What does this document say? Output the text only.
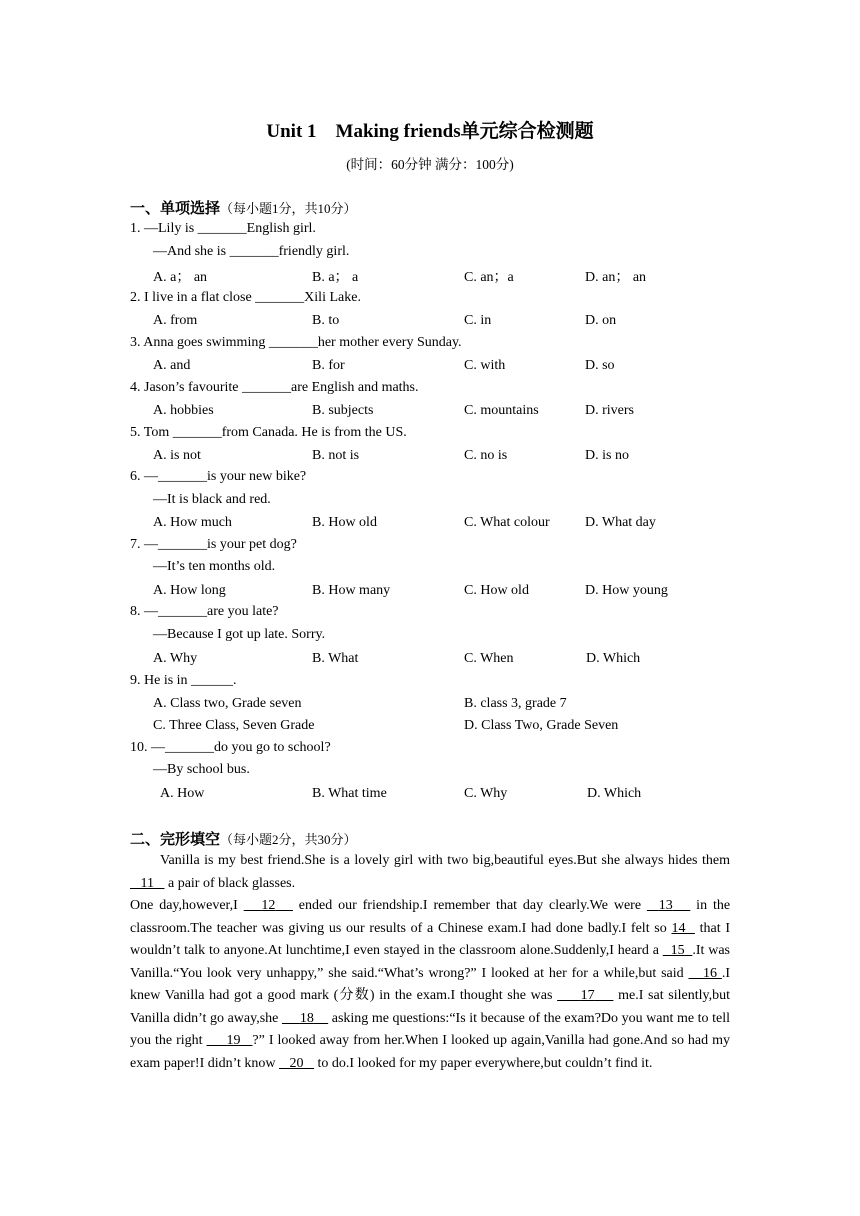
Unit 1　Making friends单元综合检测题
(时间：60分钟 满分：100分)
一、单项选择（每小题1分，共10分）
1. —Lily is _______English girl.
—And she is _______friendly girl.
A. a； an	B. a； a	C. an；a	D. an； an
2. I live in a flat close _______Xili Lake.
A. from	B. to	C. in	D. on
3. Anna goes swimming _______her mother every Sunday.
A. and	B. for	C. with	D. so
4. Jason’s favourite _______are English and maths.
A. hobbies	B. subjects	C. mountains	D. rivers
5. Tom _______from Canada. He is from the US.
A. is not	B. not is	C. no is	D. is no
6. —_______is your new bike?
—It is black and red.
A. How much	B. How old	C. What colour	D. What day
7. —_______is your pet dog?
—It’s ten months old.
A. How long	B. How many	C. How old	D. How young
8. —_______are you late?
—Because I got up late. Sorry.
A. Why	B. What	C. When	D. Which
9. He is in ______.
A. Class two, Grade seven	B. class 3, grade 7
C. Three Class, Seven Grade	D. Class Two, Grade Seven
10. —_______do you go to school?
—By school bus.
A. How	B. What time	C. Why	D. Which
二、完形填空（每小题2分，共30分）
Vanilla is my best friend.She is a lovely girl with two big,beautiful eyes.But she always hides them    11    a pair of black glasses.
One day,however,I    12    ended our friendship.I remember that day clearly.We were   13    in the classroom.The teacher was giving us our results of a Chinese exam.I had done badly.I felt so 14   that I wouldn’t talk to anyone.At lunchtime,I even stayed in the classroom alone.Suddenly,I heard a   15 .It was Vanilla.“You look very unhappy,” she said.“What’s wrong?” I looked at her for a while,but said    16 .I knew Vanilla had got a good mark (分数) in the exam.I thought she was      17     me.I sat silently,but Vanilla didn’t go away,she      18     asking me questions:“Is it because of the exam?Do you want me to tell you the right      19 ?” I looked away from her.When I looked up again,Vanilla had gone.And so had my exam paper!I didn’t know    20    to do.I looked for my paper everywhere,but couldn’t find it.
